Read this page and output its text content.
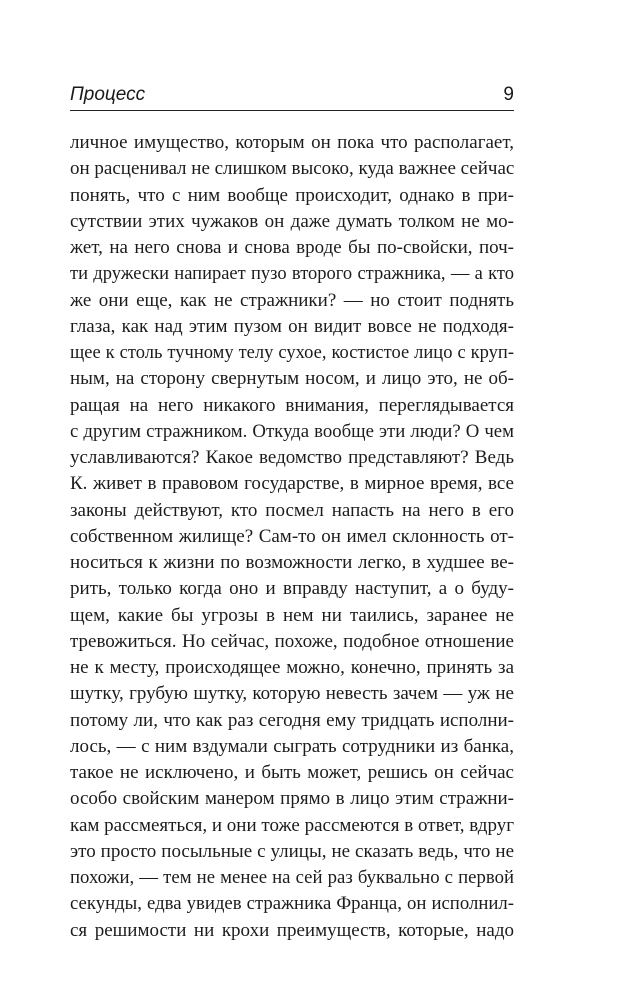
Процесс	9
личное имущество, которым он пока что располагает,
он расценивал не слишком высоко, куда важнее сейчас
понять, что с ним вообще происходит, однако в при-
сутствии этих чужаков он даже думать толком не мо-
жет, на него снова и снова вроде бы по-свойски, поч-
ти дружески напирает пузо второго стражника, — а кто
же они еще, как не стражники? — но стоит поднять
глаза, как над этим пузом он видит вовсе не подходя-
щее к столь тучному телу сухое, костистое лицо с круп-
ным, на сторону свернутым носом, и лицо это, не об-
ращая на него никакого внимания, переглядывается
с другим стражником. Откуда вообще эти люди? О чем
уславливаются? Какое ведомство представляют? Ведь
К. живет в правовом государстве, в мирное время, все
законы действуют, кто посмел напасть на него в его
собственном жилище? Сам-то он имел склонность от-
носиться к жизни по возможности легко, в худшее ве-
рить, только когда оно и вправду наступит, а о буду-
щем, какие бы угрозы в нем ни таились, заранее не
тревожиться. Но сейчас, похоже, подобное отношение
не к месту, происходящее можно, конечно, принять за
шутку, грубую шутку, которую невесть зачем — уж не
потому ли, что как раз сегодня ему тридцать исполни-
лось, — с ним вздумали сыграть сотрудники из банка,
такое не исключено, и быть может, решись он сейчас
особо свойским манером прямо в лицо этим стражни-
кам рассмеяться, и они тоже рассмеются в ответ, вдруг
это просто посыльные с улицы, не сказать ведь, что не
похожи, — тем не менее на сей раз буквально с первой
секунды, едва увидев стражника Франца, он исполнил-
ся решимости ни крохи преимуществ, которые, надо
